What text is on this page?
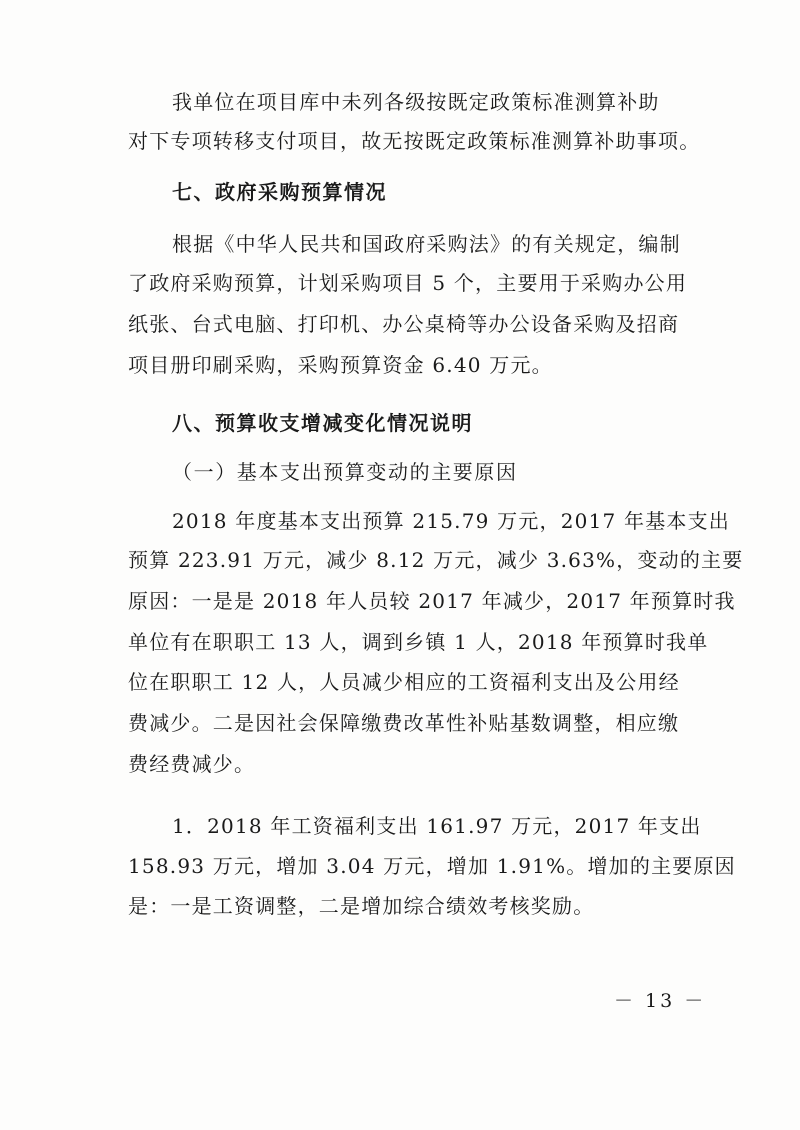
我单位在项目库中未列各级按既定政策标准测算补助
对下专项转移支付项目，故无按既定政策标准测算补助事项。
七、政府采购预算情况
根据《中华人民共和国政府采购法》的有关规定，编制
了政府采购预算，计划采购项目 5 个，主要用于采购办公用
纸张、台式电脑、打印机、办公桌椅等办公设备采购及招商
项目册印刷采购，采购预算资金 6.40 万元。
八、预算收支增减变化情况说明
（一）基本支出预算变动的主要原因
2018 年度基本支出预算 215.79 万元，2017 年基本支出
预算 223.91 万元，减少 8.12 万元，减少 3.63%，变动的主要
原因：一是是 2018 年人员较 2017 年减少，2017 年预算时我
单位有在职职工 13 人，调到乡镇 1 人，2018 年预算时我单
位在职职工 12 人，人员减少相应的工资福利支出及公用经
费减少。二是因社会保障缴费改革性补贴基数调整，相应缴
费经费减少。
1．2018 年工资福利支出 161.97 万元，2017 年支出
158.93 万元，增加 3.04 万元，增加 1.91%。增加的主要原因
是：一是工资调整，二是增加综合绩效考核奖励。
－ 13 －
